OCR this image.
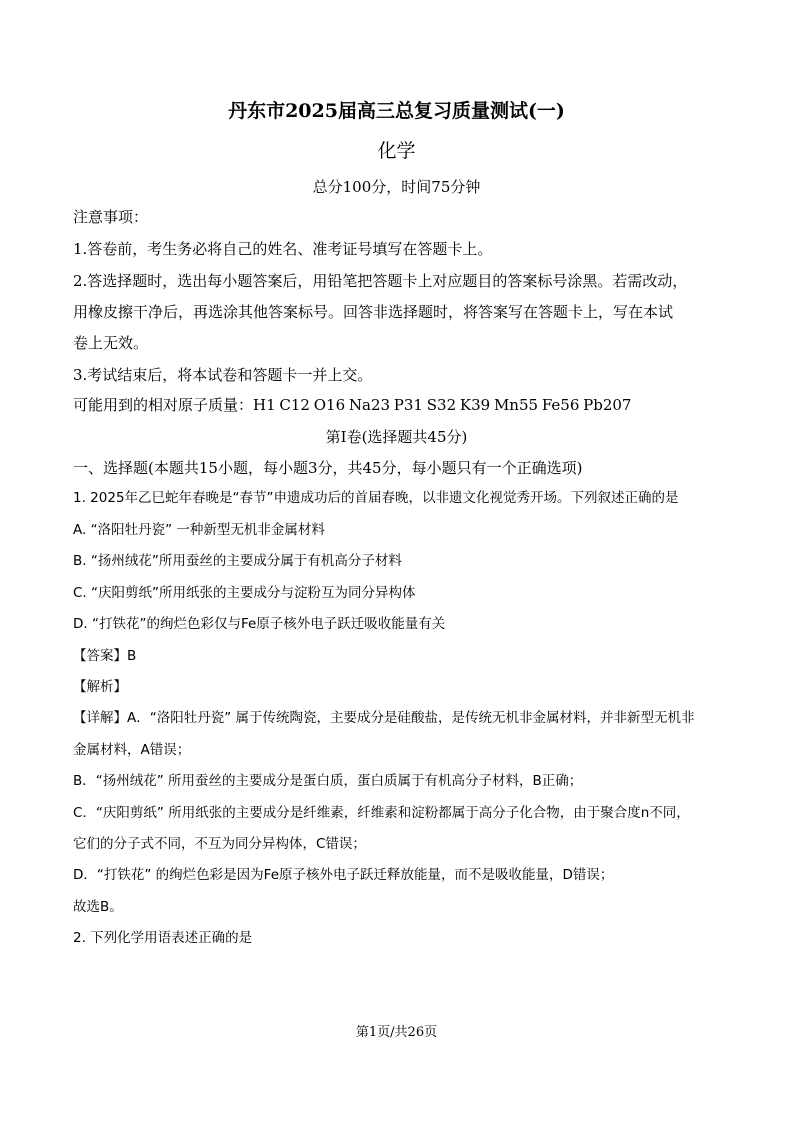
丹东市2025届高三总复习质量测试(一)
化学
总分100分，时间75分钟
注意事项：
1.答卷前，考生务必将自己的姓名、准考证号填写在答题卡上。
2.答选择题时，选出每小题答案后，用铅笔把答题卡上对应题目的答案标号涂黑。若需改动，
用橡皮擦干净后，再选涂其他答案标号。回答非选择题时，将答案写在答题卡上，写在本试
卷上无效。
3.考试结束后，将本试卷和答题卡一并上交。
可能用到的相对原子质量：H1 C12 O16 Na23 P31 S32 K39 Mn55 Fe56 Pb207
第Ⅰ卷(选择题共45分)
一、选择题(本题共15小题，每小题3分，共45分，每小题只有一个正确选项)
1. 2025年乙巳蛇年春晚是“春节”申遗成功后的首届春晚，以非遗文化视觉秀开场。下列叙述正确的是
A. “洛阳牡丹瓷” 一种新型无机非金属材料
B. “扬州绒花”所用蚕丝的主要成分属于有机高分子材料
C. “庆阳剪纸”所用纸张的主要成分与淀粉互为同分异构体
D. “打铁花”的绚烂色彩仅与Fe原子核外电子跃迁吸收能量有关
【答案】B
【解析】
【详解】A．“洛阳牡丹瓷” 属于传统陶瓷，主要成分是硅酸盐，是传统无机非金属材料，并非新型无机非
金属材料，A错误；
B．“扬州绒花” 所用蚕丝的主要成分是蛋白质，蛋白质属于有机高分子材料，B正确；
C．“庆阳剪纸” 所用纸张的主要成分是纤维素，纤维素和淀粉都属于高分子化合物，由于聚合度n不同，
它们的分子式不同，不互为同分异构体，C错误；
D．“打铁花” 的绚烂色彩是因为Fe原子核外电子跃迁释放能量，而不是吸收能量，D错误；
故选B。
2. 下列化学用语表述正确的是
第1页/共26页
